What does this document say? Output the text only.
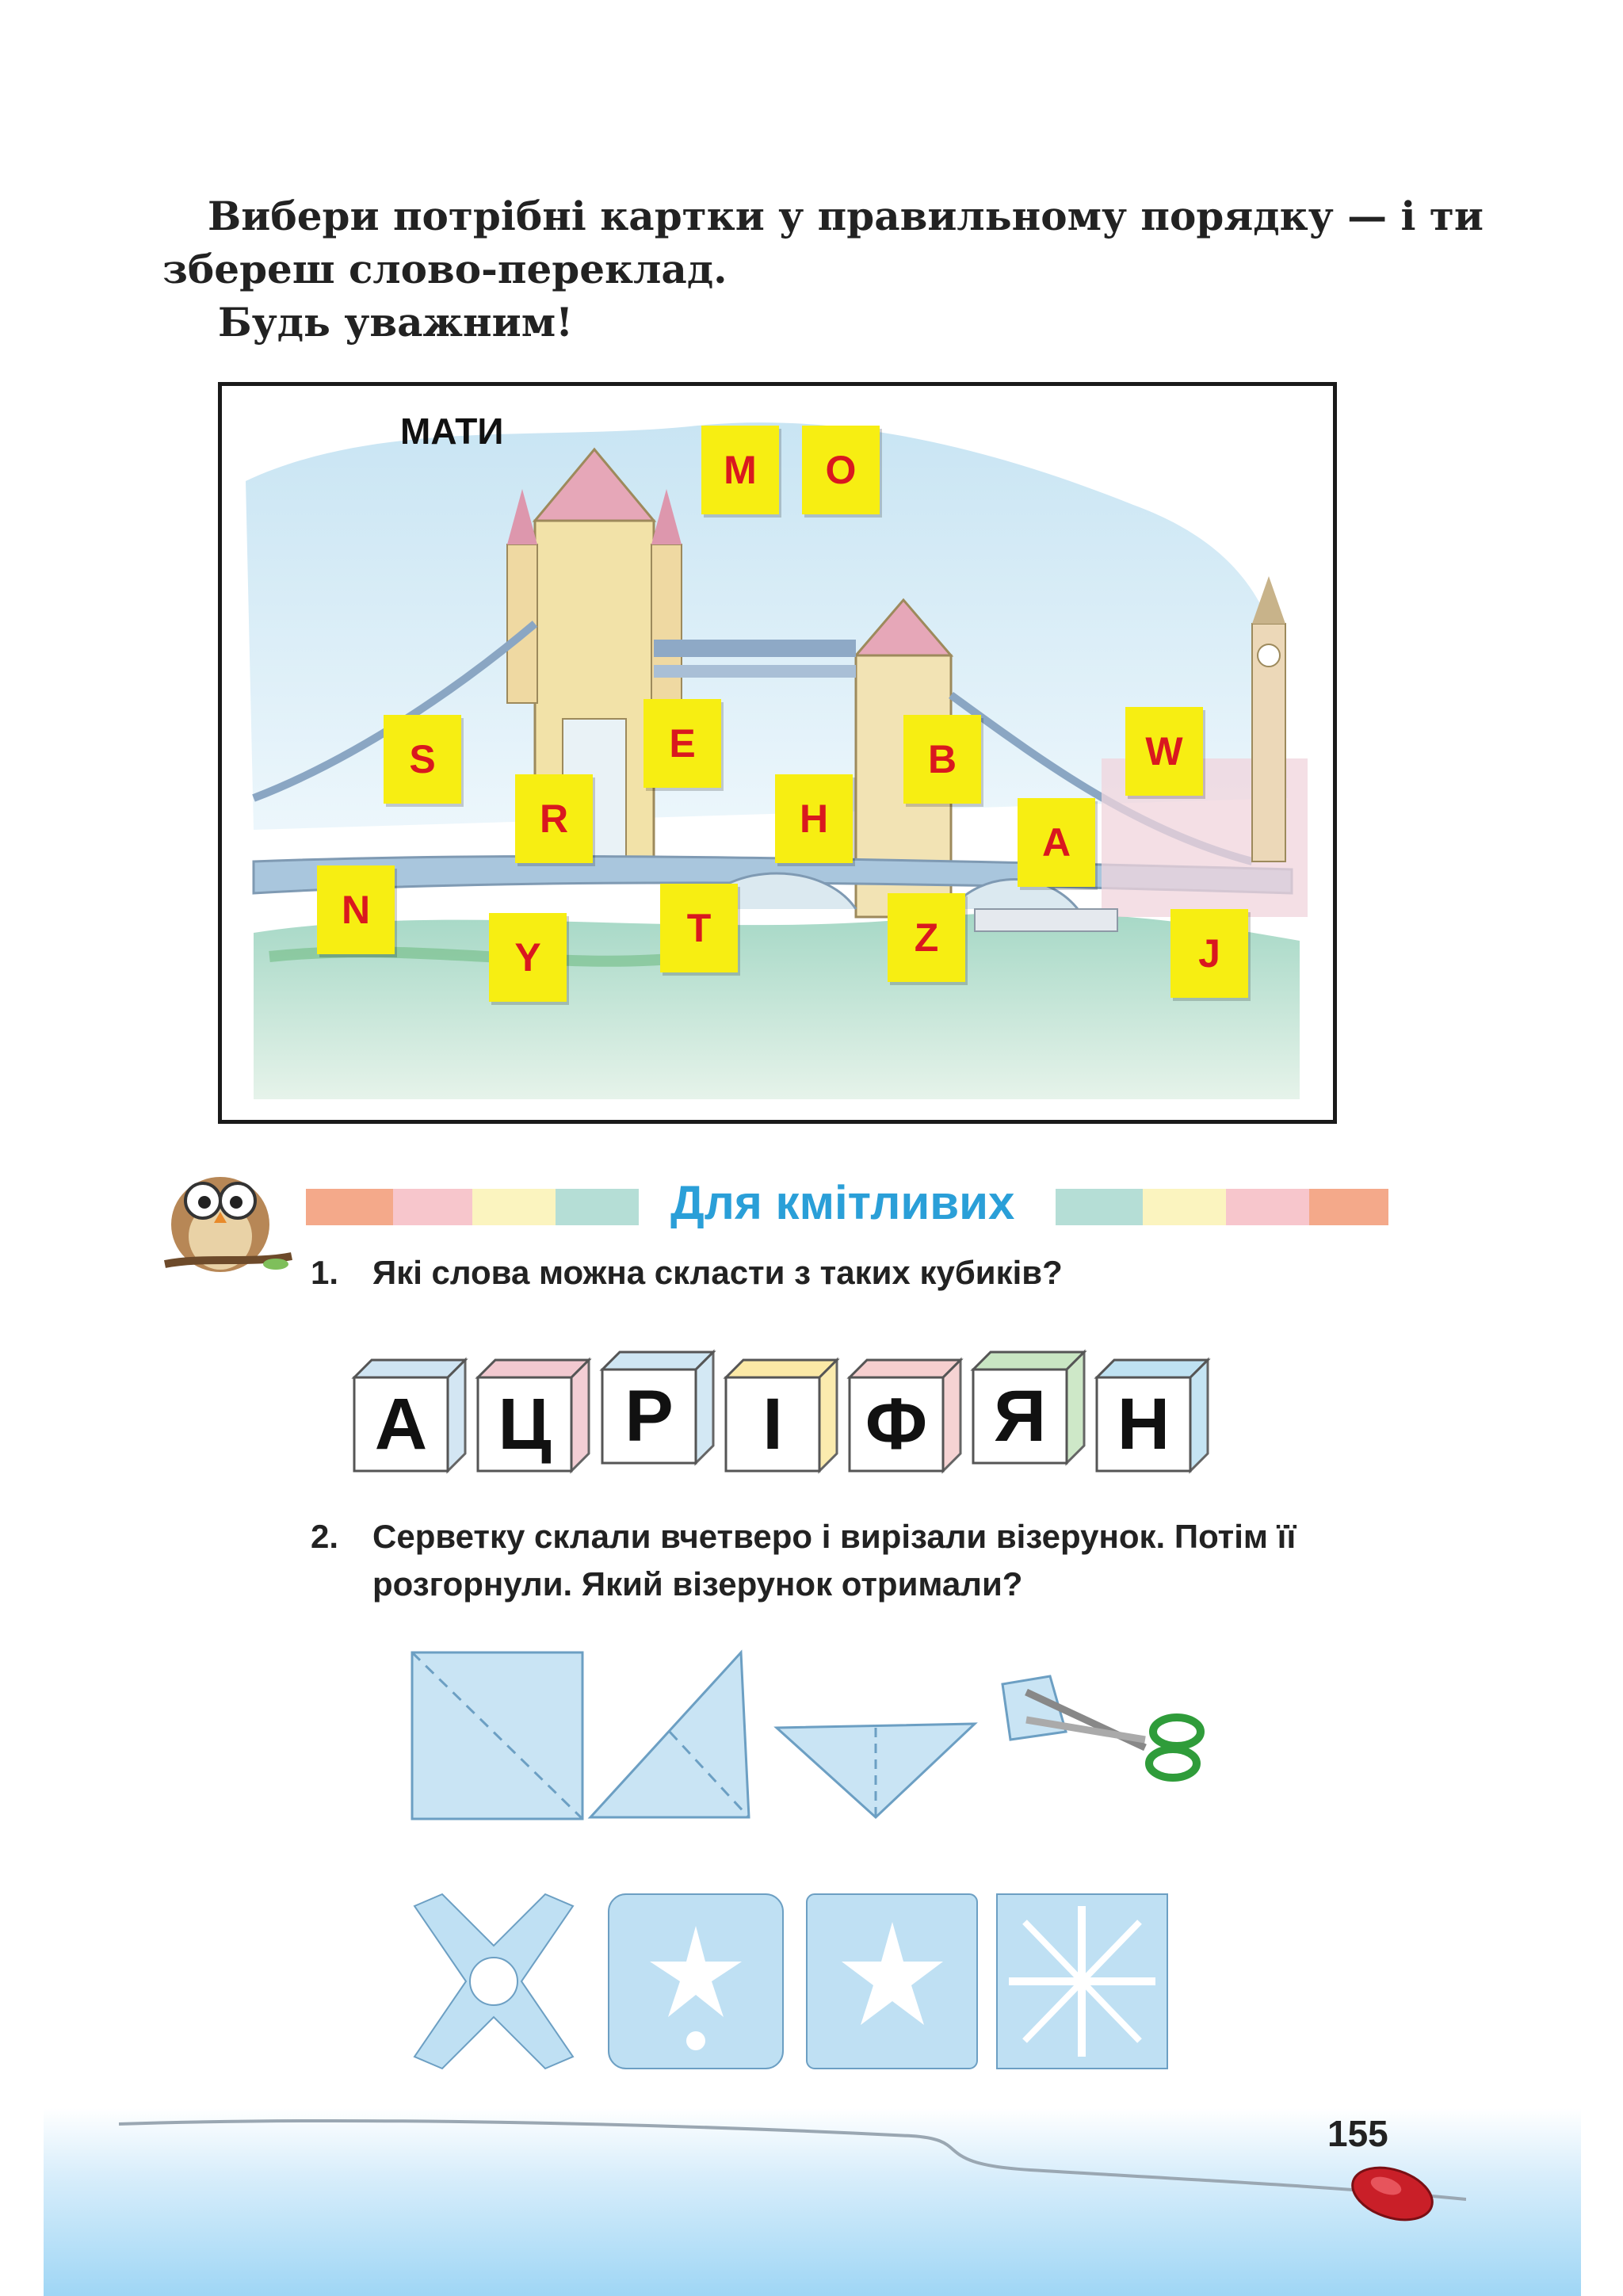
Вибери потрібні картки у правильному порядку — і ти
збереш слово-переклад.
Будь уважним!
МАТИ
M	O
S	E	B	W
R	H
A
N	T	Z
Y	J
Для кмітливих
1. Які слова можна скласти з таких кубиків?
А Ц	Р	І	Ф Я Н
2. Серветку склали вчетверо і вирізали візерунок. Потім її
розгорнули. Який візерунок отримали?
155
